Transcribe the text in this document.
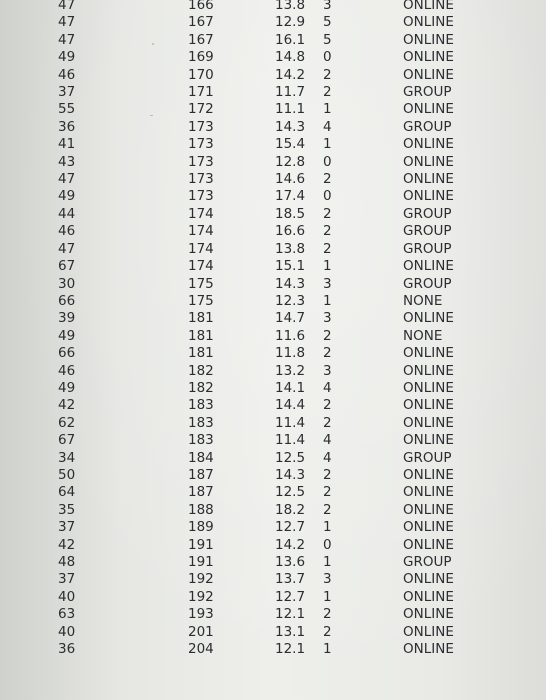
47	166	13.8	3	ONLINE
47	167	12.9	5	ONLINE
47	167	16.1	5	ONLINE
49	169	14.8	0	ONLINE
46	170	14.2	2	ONLINE
37	171	11.7	2	GROUP
55	172	11.1	1	ONLINE
36	173	14.3	4	GROUP
41	173	15.4	1	ONLINE
43	173	12.8	0	ONLINE
47	173	14.6	2	ONLINE
49	173	17.4	0	ONLINE
44	174	18.5	2	GROUP
46	174	16.6	2	GROUP
47	174	13.8	2	GROUP
67	174	15.1	1	ONLINE
30	175	14.3	3	GROUP
66	175	12.3	1	NONE
39	181	14.7	3	ONLINE
49	181	11.6	2	NONE
66	181	11.8	2	ONLINE
46	182	13.2	3	ONLINE
49	182	14.1	4	ONLINE
42	183	14.4	2	ONLINE
62	183	11.4	2	ONLINE
67	183	11.4	4	ONLINE
34	184	12.5	4	GROUP
50	187	14.3	2	ONLINE
64	187	12.5	2	ONLINE
35	188	18.2	2	ONLINE
37	189	12.7	1	ONLINE
42	191	14.2	0	ONLINE
48	191	13.6	1	GROUP
37	192	13.7	3	ONLINE
40	192	12.7	1	ONLINE
63	193	12.1	2	ONLINE
40	201	13.1	2	ONLINE
36	204	12.1	1	ONLINE
